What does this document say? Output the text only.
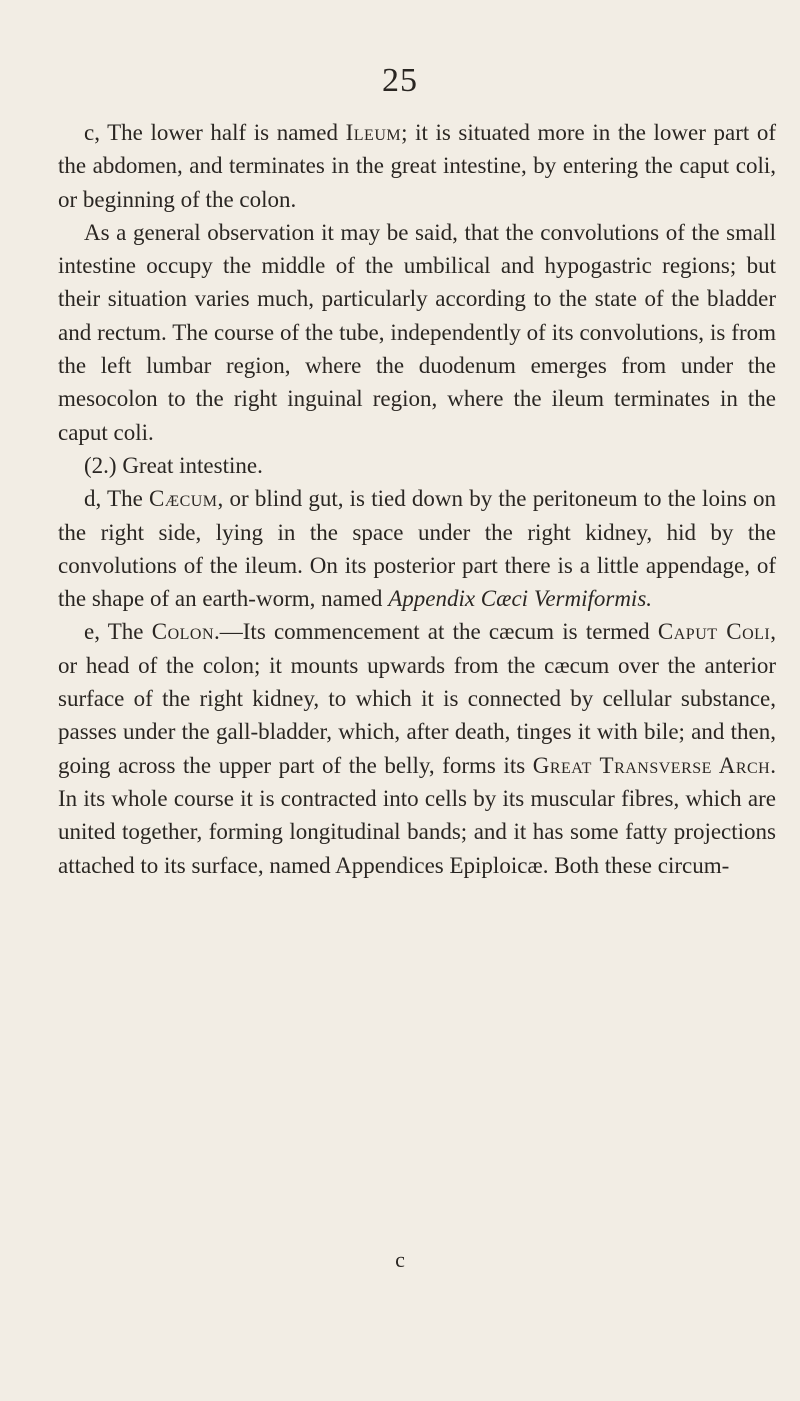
25

c, The lower half is named Ileum; it is situated more in the lower part of the abdomen, and terminates in the great intestine, by entering the caput coli, or beginning of the colon.

As a general observation it may be said, that the convolutions of the small intestine occupy the middle of the umbilical and hypogastric regions; but their situation varies much, particularly according to the state of the bladder and rectum. The course of the tube, independently of its convolutions, is from the left lumbar region, where the duodenum emerges from under the mesocolon to the right inguinal region, where the ileum terminates in the caput coli.

(2.) Great intestine.

d, The Cæcum, or blind gut, is tied down by the peritoneum to the loins on the right side, lying in the space under the right kidney, hid by the convolutions of the ileum. On its posterior part there is a little appendage, of the shape of an earth-worm, named Appendix Cæci Vermiformis.

e, The Colon.—Its commencement at the cæcum is termed Caput Coli, or head of the colon; it mounts upwards from the cæcum over the anterior surface of the right kidney, to which it is connected by cellular substance, passes under the gall-bladder, which, after death, tinges it with bile; and then, going across the upper part of the belly, forms its Great Transverse Arch. In its whole course it is contracted into cells by its muscular fibres, which are united together, forming longitudinal bands; and it has some fatty projections attached to its surface, named Appendices Epiploicæ. Both these circum-

c
